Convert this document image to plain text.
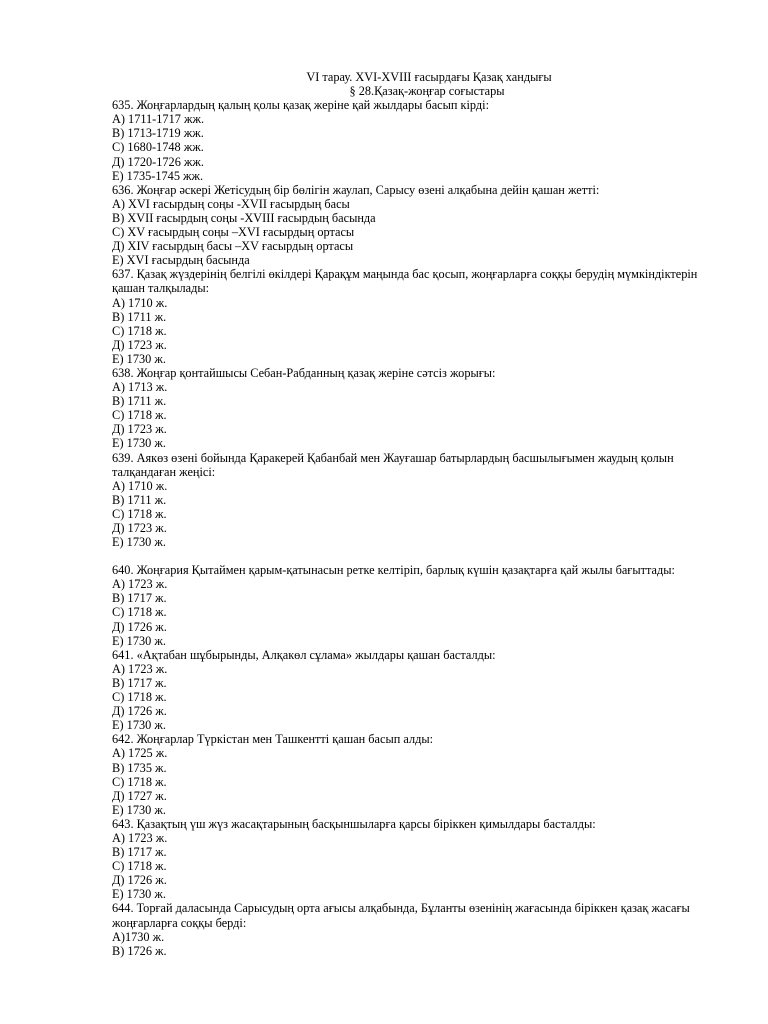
VI тарау. XVI-XVIII ғасырдағы Қазақ хандығы
§ 28.Қазақ-жоңғар соғыстары
635. Жоңғарлардың қалың қолы қазақ жеріне қай жылдары басып кірді:
A) 1711-1717 жж.
B) 1713-1719 жж.
C) 1680-1748 жж.
Д) 1720-1726 жж.
E) 1735-1745 жж.
636. Жоңғар әскері Жетісудың бір бөлігін жаулап, Сарысу өзені алқабына дейін қашан жетті:
A) XVI ғасырдың соңы -XVII ғасырдың басы
B) XVII ғасырдың соңы -XVIII ғасырдың басында
C) XV ғасырдың соңы –XVI ғасырдың ортасы
Д) XIV ғасырдың басы –XV ғасырдың ортасы
E) XVI ғасырдың басында
637. Қазақ жүздерінің белгілі өкілдері Қарақұм маңында бас қосып, жоңғарларға соққы берудің мүмкіндіктерін қашан талқылады:
A) 1710 ж.
B) 1711 ж.
C) 1718 ж.
Д) 1723 ж.
E) 1730 ж.
638. Жоңғар қонтайшысы Себан-Рабданның қазақ жеріне сәтсіз жорығы:
A) 1713 ж.
B) 1711 ж.
C) 1718 ж.
Д) 1723 ж.
E) 1730 ж.
639. Аякөз өзені бойында Қаракерей Қабанбай мен Жауғашар батырлардың басшылығымен жаудың қолын талқандаған жеңісі:
A) 1710 ж.
B) 1711 ж.
C) 1718 ж.
Д) 1723 ж.
E) 1730 ж.
640. Жоңғария Қытаймен қарым-қатынасын ретке келтіріп, барлық күшін қазақтарға қай жылы бағыттады:
A) 1723 ж.
B) 1717 ж.
C) 1718 ж.
Д) 1726 ж.
E) 1730 ж.
641. «Ақтабан шұбырынды, Алқакөл сұлама» жылдары қашан басталды:
A) 1723 ж.
B) 1717 ж.
C) 1718 ж.
Д) 1726 ж.
E) 1730 ж.
642. Жоңғарлар Түркістан мен Ташкентті қашан басып алды:
A) 1725 ж.
B) 1735 ж.
C) 1718 ж.
Д) 1727 ж.
E) 1730 ж.
643. Қазақтың үш жүз жасақтарының басқыншыларға қарсы біріккен қимылдары басталды:
A) 1723 ж.
B) 1717 ж.
C) 1718 ж.
Д) 1726 ж.
E) 1730 ж.
644. Торғай даласында Сарысудың орта ағысы алқабында, Бұланты өзенінің жағасында біріккен қазақ жасағы жоңғарларға соққы берді:
A)1730 ж.
B) 1726 ж.
